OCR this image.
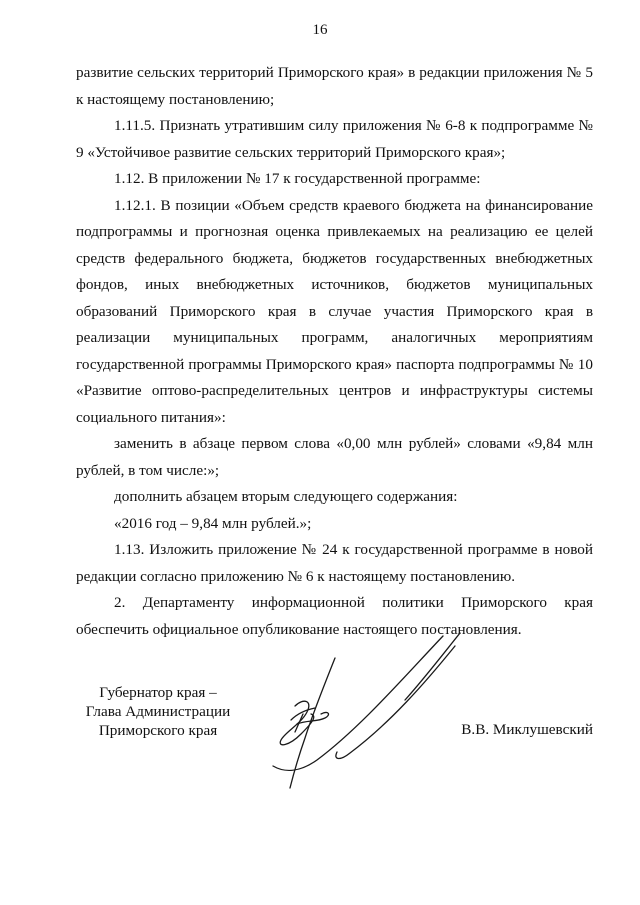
16

развитие сельских территорий Приморского края» в редакции приложения № 5 к настоящему постановлению;

1.11.5. Признать утратившим силу приложения № 6-8 к подпрограмме № 9 «Устойчивое развитие сельских территорий Приморского края»;

1.12. В приложении № 17 к государственной программе:

1.12.1. В позиции «Объем средств краевого бюджета на финансирование подпрограммы и прогнозная оценка привлекаемых на реализацию ее целей средств федерального бюджета, бюджетов государственных внебюджетных фондов, иных внебюджетных источников, бюджетов муниципальных образований Приморского края в случае участия Приморского края в реализации муниципальных программ, аналогичных мероприятиям государственной программы Приморского края» паспорта подпрограммы № 10 «Развитие оптово-распределительных центров и инфраструктуры системы социального питания»:

заменить в абзаце первом слова «0,00 млн рублей» словами «9,84 млн рублей, в том числе:»;

дополнить абзацем вторым следующего содержания:

«2016 год – 9,84 млн рублей.»;

1.13. Изложить приложение № 24 к государственной программе в новой редакции согласно приложению № 6 к настоящему постановлению.

2. Департаменту информационной политики Приморского края обеспечить официальное опубликование настоящего постановления.

Губернатор края –
Глава Администрации
Приморского края	В.В. Миклушевский
